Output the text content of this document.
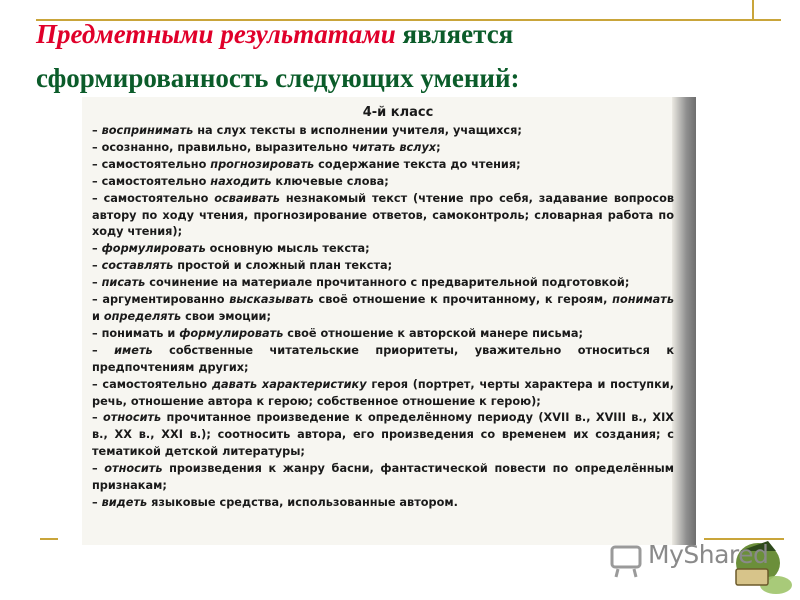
Предметными результатами является сформированность следующих умений:
4-й класс

– воспринимать на слух тексты в исполнении учителя, учащихся;

– осознанно, правильно, выразительно читать вслух;

– самостоятельно прогнозировать содержание текста до чтения;

– самостоятельно находить ключевые слова;

– самостоятельно осваивать незнакомый текст (чтение про себя, задавание вопросов автору по ходу чтения, прогнозирование ответов, самоконтроль; словарная работа по ходу чтения);

– формулировать основную мысль текста;

– составлять простой и сложный план текста;

– писать сочинение на материале прочитанного с предварительной подготовкой;

– аргументированно высказывать своё отношение к прочитанному, к героям, понимать и определять свои эмоции;

– понимать и формулировать своё отношение к авторской манере письма;

– иметь собственные читательские приоритеты, уважительно относиться к предпочтениям других;

– самостоятельно давать характеристику героя (портрет, черты характера и поступки, речь, отношение автора к герою; собственное отношение к герою);

– относить прочитанное произведение к определённому периоду (XVII в., XVIII в., XIX в., XX в., XXI в.); соотносить автора, его произведения со временем их создания; с тематикой детской литературы;

– относить произведения к жанру басни, фантастической повести по определённым признакам;

– видеть языковые средства, использованные автором.

MyShared
